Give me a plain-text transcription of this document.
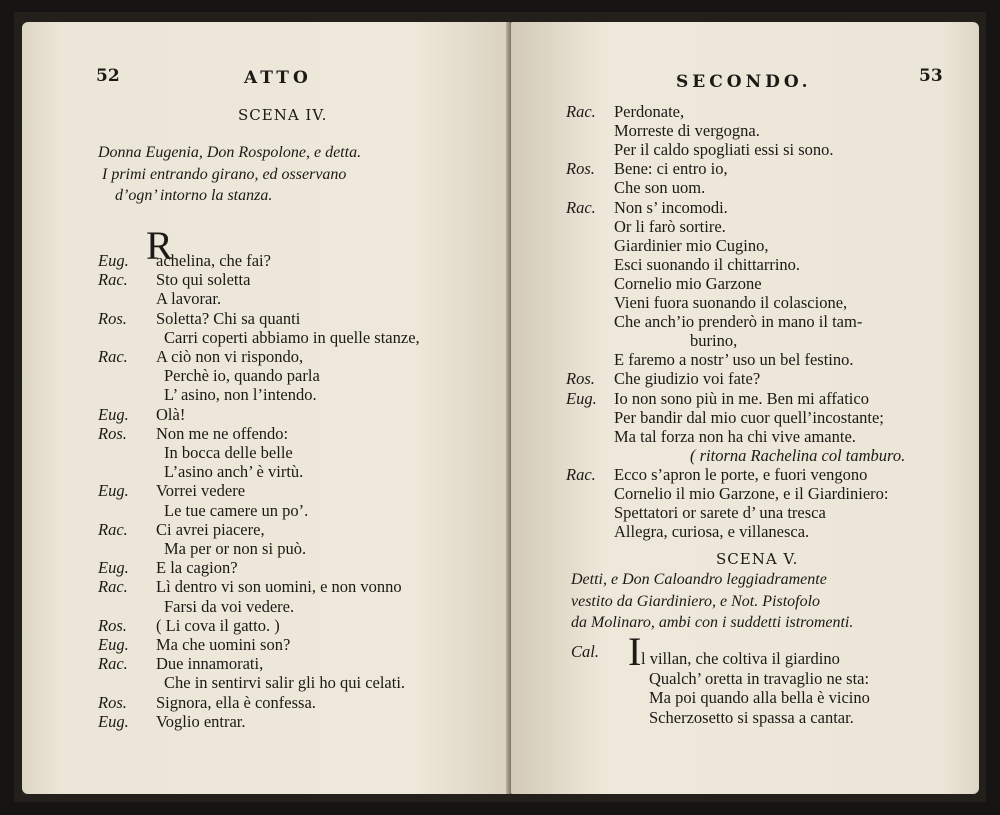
52	ATTO
SCENA IV.
Donna Eugenia, Don Rospolone, e detta.
I primi entrando girano, ed osservano
d’ogn’ intorno la stanza.
R
Eug. achelina, che fai?
Rac. Sto qui soletta
A lavorar.
Ros. Soletta? Chi sa quanti
Carri coperti abbiamo in quelle stanze,
Rac. A ciò non vi rispondo,
Perchè io, quando parla
L’ asino, non l’intendo.
Eug. Olà!
Ros. Non me ne offendo:
In bocca delle belle
L’asino anch’ è virtù.
Eug. Vorrei vedere
Le tue camere un po’.
Rac. Ci avrei piacere,
Ma per or non si può.
Eug. E la cagion?
Rac. Lì dentro vi son uomini, e non vonno
Farsi da voi vedere.
Ros. ( Li cova il gatto. )
Eug. Ma che uomini son?
Rac. Due innamorati,
Che in sentirvi salir gli ho qui celati.
Ros. Signora, ella è confessa.
Eug. Voglio entrar.
SECONDO.	53
Rac. Perdonate,
Morreste di vergogna.
Per il caldo spogliati essi si sono.
Ros. Bene: ci entro io,
Che son uom.
Rac. Non s’ incomodi.
Or li farò sortire.
Giardinier mio Cugino,
Esci suonando il chittarrino.
Cornelio mio Garzone
Vieni fuora suonando il colascione,
Che anch’io prenderò in mano il tam-
burino,
E faremo a nostr’ uso un bel festino.
Ros. Che giudizio voi fate?
Eug. Io non sono più in me. Ben mi affatico
Per bandir dal mio cuor quell’incostante;
Ma tal forza non ha chi vive amante.
( ritorna Rachelina col tamburo.
Rac. Ecco s’apron le porte, e fuori vengono
Cornelio il mio Garzone, e il Giardiniero:
Spettatori or sarete d’ una tresca
Allegra, curiosa, e villanesca.
SCENA V.
Detti, e Don Caloandro leggiadramente
vestito da Giardiniero, e Not. Pistofolo
da Molinaro, ambi con i suddetti istromenti.
Cal. I l villan, che coltiva il giardino
Qualch’ oretta in travaglio ne sta:
Ma poi quando alla bella è vicino
Scherzosetto si spassa a cantar.
